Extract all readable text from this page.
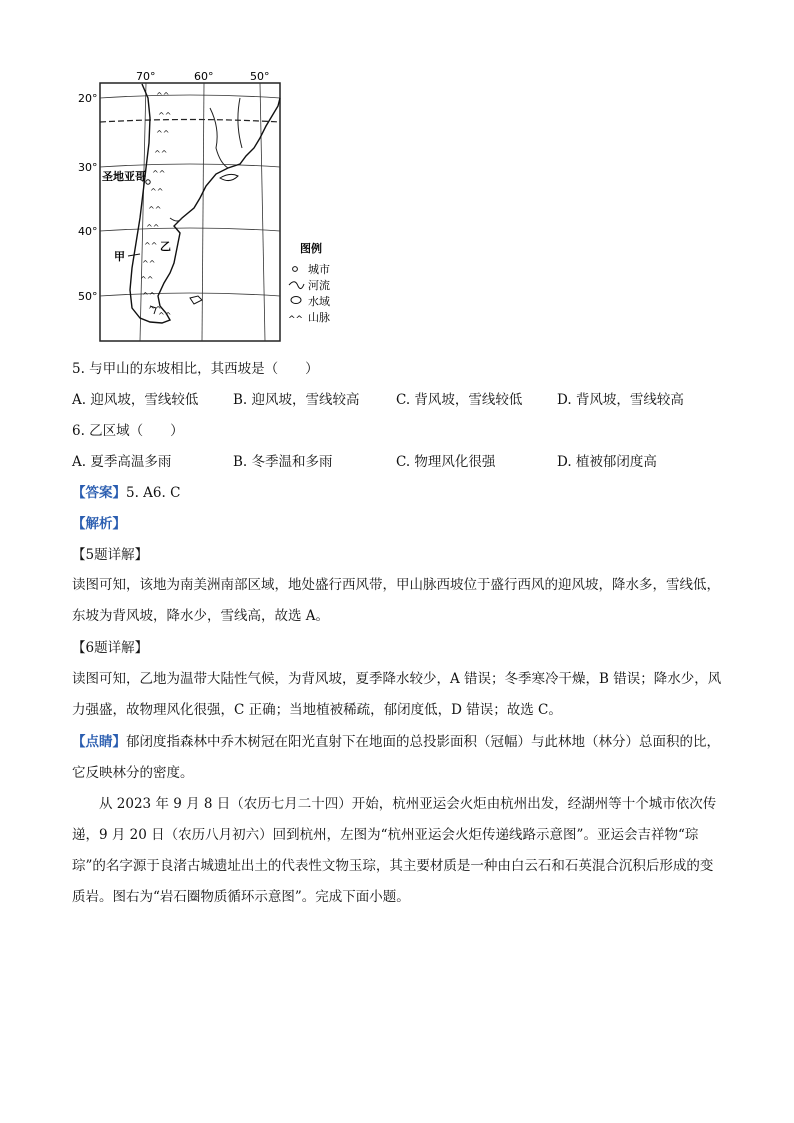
^^
^^
^^
^^
^^
^^
^^
^^
^^
^^
^^
^^
^^
^^
70°	60°	50°
20°
30°
40°
50°
圣地亚哥
甲
乙	图例
城市
河流
水域
^^ 山脉
5. 与甲山的东坡相比，其西坡是（　　）
A. 迎风坡，雪线较低	B. 迎风坡，雪线较高	C. 背风坡，雪线较低	D. 背风坡，雪线较高
6. 乙区域（　　）
A. 夏季高温多雨	B. 冬季温和多雨	C. 物理风化很强	D. 植被郁闭度高
【答案】5. A6. C
【解析】
【5题详解】

读图可知，该地为南美洲南部区域，地处盛行西风带，甲山脉西坡位于盛行西风的迎风坡，降水多，雪线低，东坡为背风坡，降水少，雪线高，故选 A。

【6题详解】

读图可知，乙地为温带大陆性气候，为背风坡，夏季降水较少，A 错误；冬季寒冷干燥，B 错误；降水少，风力强盛，故物理风化很强，C 正确；当地植被稀疏，郁闭度低，D 错误；故选 C。

【点睛】郁闭度指森林中乔木树冠在阳光直射下在地面的总投影面积（冠幅）与此林地（林分）总面积的比，它反映林分的密度。

从 2023 年 9 月 8 日（农历七月二十四）开始，杭州亚运会火炬由杭州出发，经湖州等十个城市依次传递，9 月 20 日（农历八月初六）回到杭州，左图为“杭州亚运会火炬传递线路示意图”。亚运会吉祥物“琮琮”的名字源于良渚古城遗址出土的代表性文物玉琮，其主要材质是一种由白云石和石英混合沉积后形成的变质岩。图右为“岩石圈物质循环示意图”。完成下面小题。
